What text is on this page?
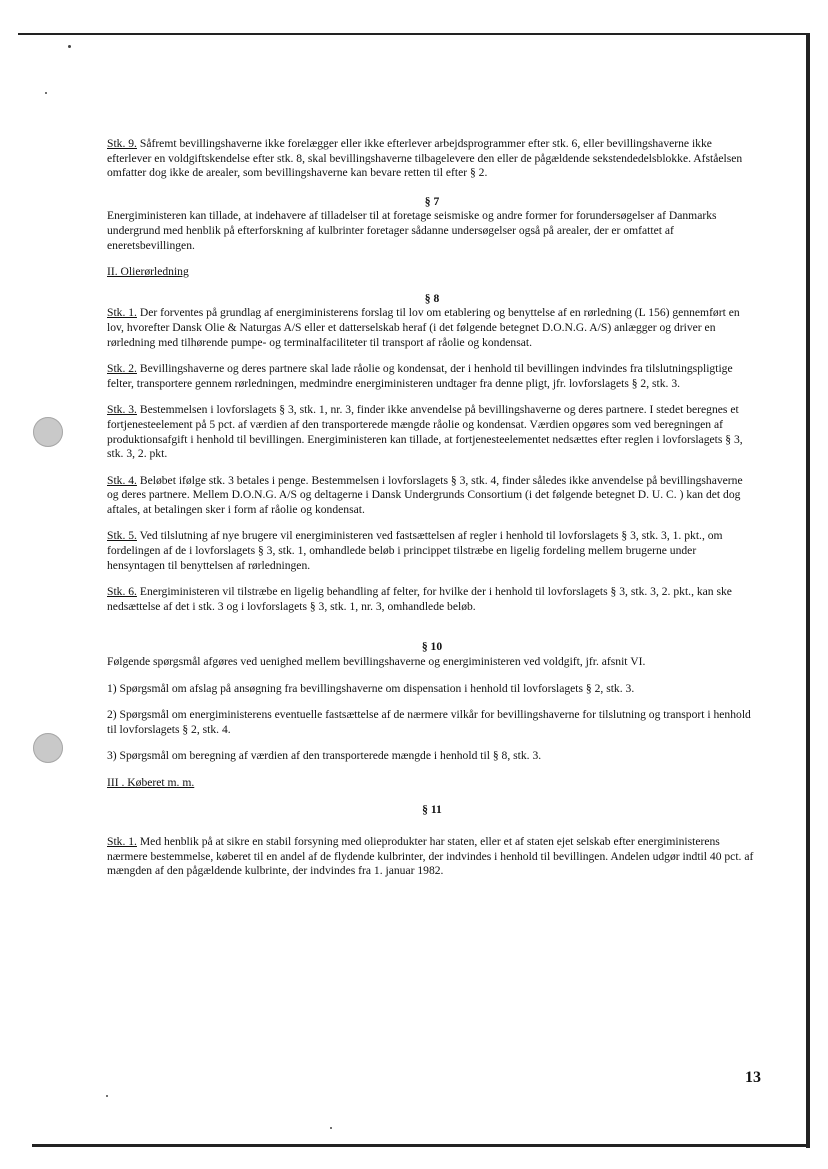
Stk. 9. Såfremt bevillingshaverne ikke forelægger eller ikke efterlever arbejdsprogrammer efter stk. 6, eller bevillingshaverne ikke efterlever en voldgiftskendelse efter stk. 8, skal bevillingshaverne tilbagelevere den eller de pågældende sekstendedelsblokke. Afståelsen omfatter dog ikke de arealer, som bevillingshaverne kan bevare retten til efter § 2.

§ 7

Energiministeren kan tillade, at indehavere af tilladelser til at foretage seismiske og andre former for forundersøgelser af Danmarks undergrund med henblik på efterforskning af kulbrinter foretager sådanne undersøgelser også på arealer, der er omfattet af eneretsbevillingen.

II. Olierørledning

§ 8

Stk. 1. Der forventes på grundlag af energiministerens forslag til lov om etablering og benyttelse af en rørledning (L 156) gennemført en lov, hvorefter Dansk Olie & Naturgas A/S eller et datterselskab heraf (i det følgende betegnet D.O.N.G. A/S) anlægger og driver en rørledning med tilhørende pumpe- og terminalfaciliteter til transport af råolie og kondensat.

Stk. 2. Bevillingshaverne og deres partnere skal lade råolie og kondensat, der i henhold til bevillingen indvindes fra tilslutningspligtige felter, transportere gennem rørledningen, medmindre energiministeren undtager fra denne pligt, jfr. lovforslagets § 2, stk. 3.

Stk. 3. Bestemmelsen i lovforslagets § 3, stk. 1, nr. 3, finder ikke anvendelse på bevillingshaverne og deres partnere. I stedet beregnes et fortjenesteelement på 5 pct. af værdien af den transporterede mængde råolie og kondensat. Værdien opgøres som ved beregningen af produktionsafgift i henhold til bevillingen. Energiministeren kan tillade, at fortjenesteelementet nedsættes efter reglen i lovforslagets § 3, stk. 3, 2. pkt.

Stk. 4. Beløbet ifølge stk. 3 betales i penge. Bestemmelsen i lovforslagets § 3, stk. 4, finder således ikke anvendelse på bevillingshaverne og deres partnere. Mellem D.O.N.G. A/S og deltagerne i Dansk Undergrunds Consortium (i det følgende betegnet D. U. C. ) kan det dog aftales, at betalingen sker i form af råolie og kondensat.

Stk. 5. Ved tilslutning af nye brugere vil energiministeren ved fastsættelsen af regler i henhold til lovforslagets § 3, stk. 3, 1. pkt., om fordelingen af de i lovforslagets § 3, stk. 1, omhandlede beløb i princippet tilstræbe en ligelig fordeling mellem brugerne under hensyntagen til benyttelsen af rørledningen.

Stk. 6. Energiministeren vil tilstræbe en ligelig behandling af felter, for hvilke der i henhold til lovforslagets § 3, stk. 3, 2. pkt., kan ske nedsættelse af det i stk. 3 og i lovforslagets § 3, stk. 1, nr. 3, omhandlede beløb.

§ 10

Følgende spørgsmål afgøres ved uenighed mellem bevillingshaverne og energiministeren ved voldgift, jfr. afsnit VI.

1) Spørgsmål om afslag på ansøgning fra bevillingshaverne om dispensation i henhold til lovforslagets § 2, stk. 3.

2) Spørgsmål om energiministerens eventuelle fastsættelse af de nærmere vilkår for bevillingshaverne for tilslutning og transport i henhold til lovforslagets § 2, stk. 4.

3) Spørgsmål om beregning af værdien af den transporterede mængde i henhold til § 8, stk. 3.

III . Køberet m. m.

§ 11

Stk. 1. Med henblik på at sikre en stabil forsyning med olieprodukter har staten, eller et af staten ejet selskab efter energiministerens nærmere bestemmelse, køberet til en andel af de flydende kulbrinter, der indvindes i henhold til bevillingen. Andelen udgør indtil 40 pct. af mængden af den pågældende kulbrinte, der indvindes fra 1. januar 1982.

13
